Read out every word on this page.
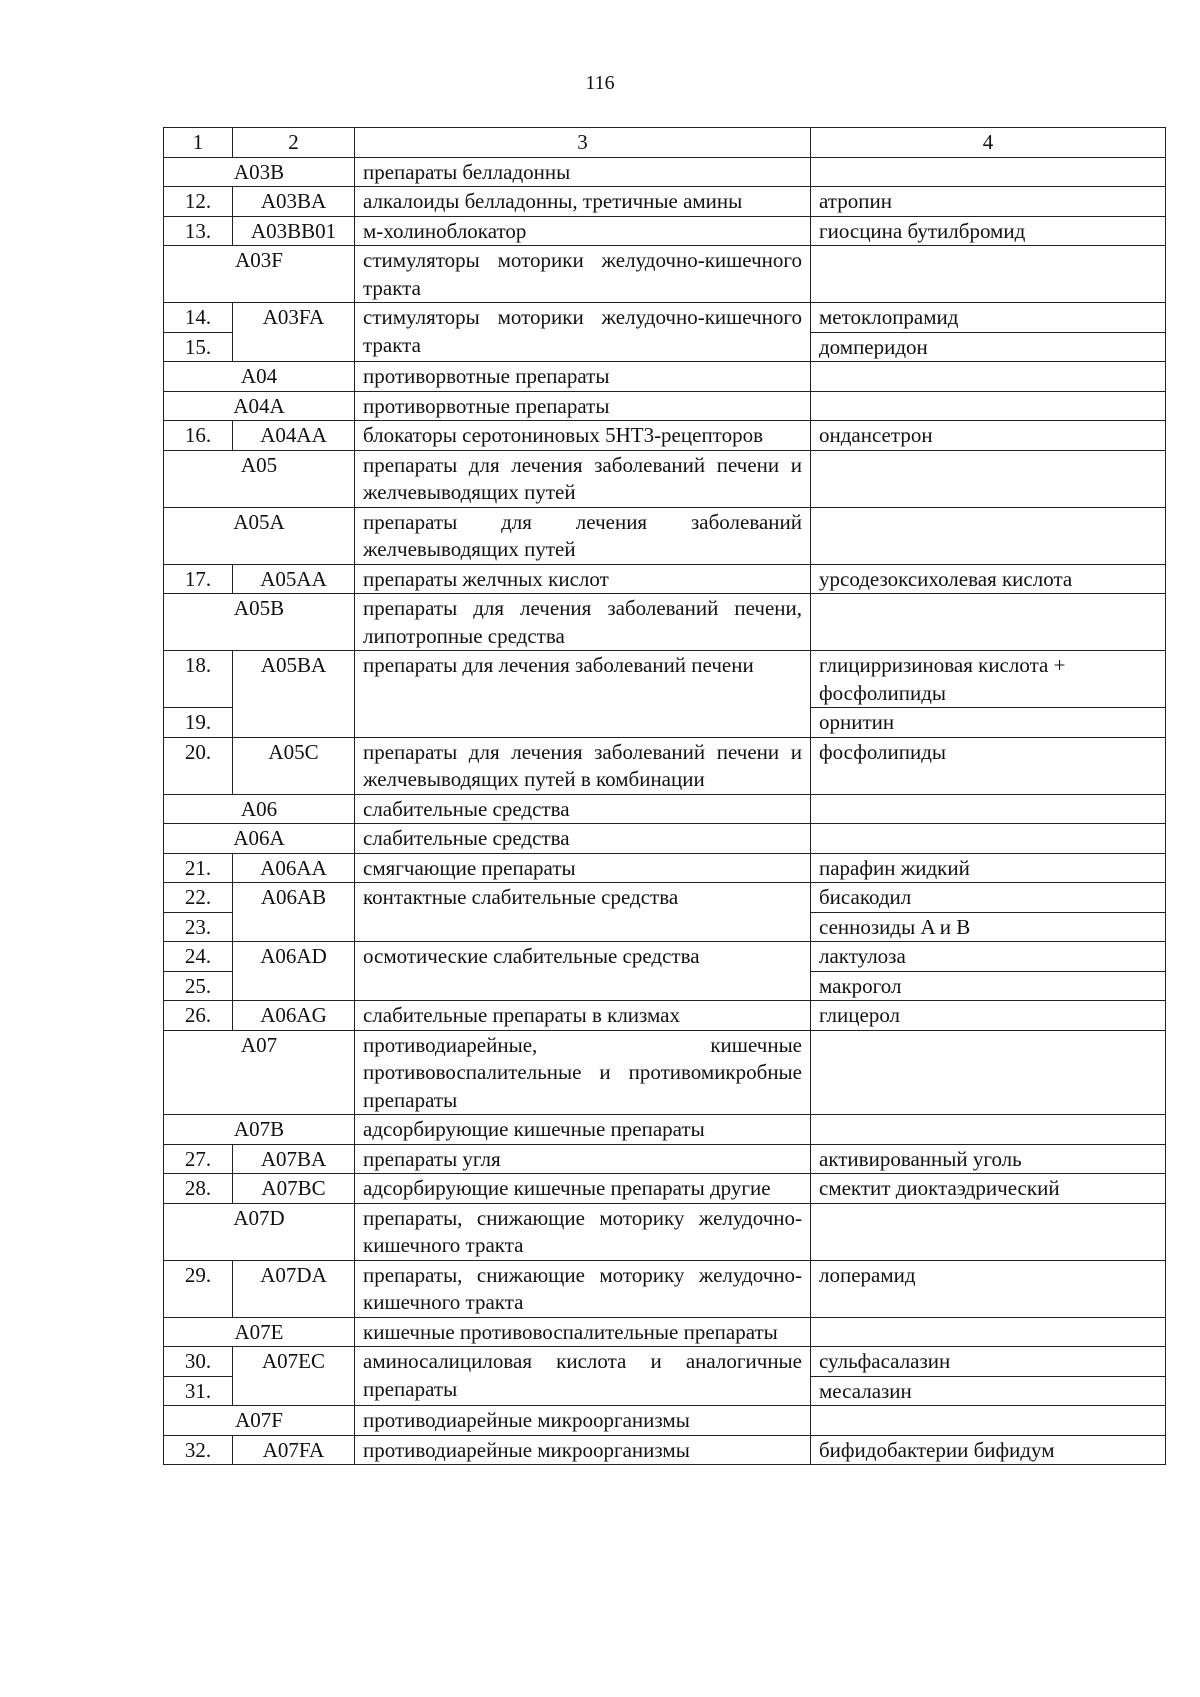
116
1	2	3	4
A03B		препараты белладонны	
12.	A03BA	алкалоиды белладонны, третичные амины	атропин
13.	A03BB01	м-холиноблокатор	гиосцина бутилбромид
A03F		стимуляторы моторики желудочно-кишечного тракта	
14.	A03FA	стимуляторы моторики желудочно-кишечного тракта	метоклопрамид
15.			домперидон
A04		противорвотные препараты	
A04A		противорвотные препараты	
16.	A04AA	блокаторы серотониновых 5HT3-рецепторов	ондансетрон
A05		препараты для лечения заболеваний печени и желчевыводящих путей	
A05A		препараты для лечения заболеваний желчевыводящих путей	
17.	A05AA	препараты желчных кислот	урсодезоксихолевая кислота
A05B		препараты для лечения заболеваний печени, липотропные средства	
18.	A05BA	препараты для лечения заболеваний печени	глицирризиновая кислота + фосфолипиды
19.			орнитин
20.	A05C	препараты для лечения заболеваний печени и желчевыводящих путей в комбинации	фосфолипиды
A06		слабительные средства	
A06A		слабительные средства	
21.	A06AA	смягчающие препараты	парафин жидкий
22.	A06AB	контактные слабительные средства	бисакодил
23.			сеннозиды A и B
24.	A06AD	осмотические слабительные средства	лактулоза
25.			макрогол
26.	A06AG	слабительные препараты в клизмах	глицерол
A07		противодиарейные, кишечные противовоспалительные и противомикробные препараты	
A07B		адсорбирующие кишечные препараты	
27.	A07BA	препараты угля	активированный уголь
28.	A07BC	адсорбирующие кишечные препараты другие	смектит диоктаэдрический
A07D		препараты, снижающие моторику желудочно-кишечного тракта	
29.	A07DA	препараты, снижающие моторику желудочно-кишечного тракта	лоперамид
A07E		кишечные противовоспалительные препараты	
30.	A07EC	аминосалициловая кислота и аналогичные препараты	сульфасалазин
31.			месалазин
A07F		противодиарейные микроорганизмы	
32.	A07FA	противодиарейные микроорганизмы	бифидобактерии бифидум
